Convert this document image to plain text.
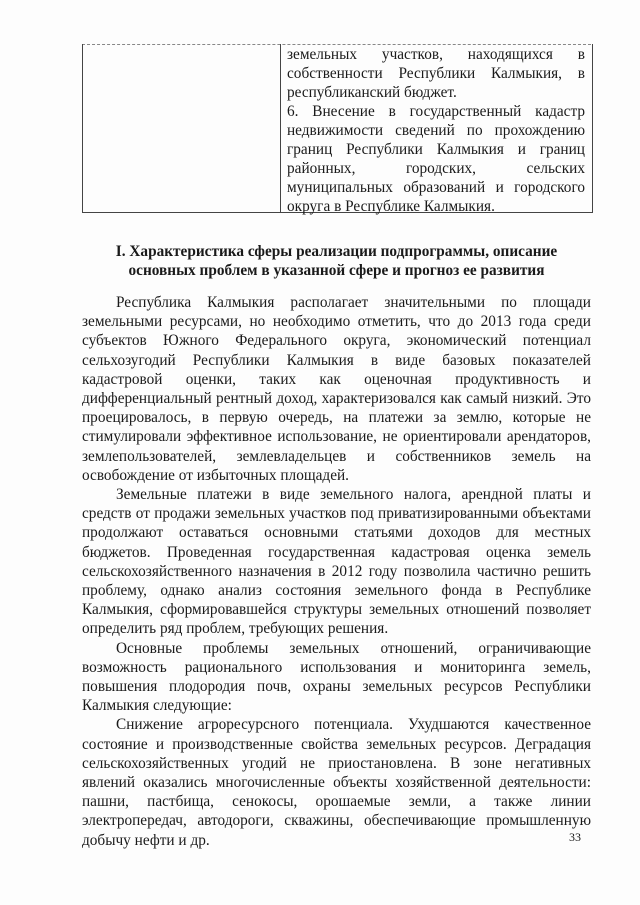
земельных участков, находящихся в собственности Республики Калмыкия, в республиканский бюджет.

6. Внесение в государственный кадастр недвижимости сведений по прохождению границ Республики Калмыкия и границ районных, городских, сельских муниципальных образований и городского округа в Республике Калмыкия.

I. Характеристика сферы реализации подпрограммы, описание основных проблем в указанной сфере и прогноз ее развития

Республика Калмыкия располагает значительными по площади земельными ресурсами, но необходимо отметить, что до 2013 года среди субъектов Южного Федерального округа, экономический потенциал сельхозугодий Республики Калмыкия в виде базовых показателей кадастровой оценки, таких как оценочная продуктивность и дифференциальный рентный доход, характеризовался как самый низкий. Это проецировалось, в первую очередь, на платежи за землю, которые не стимулировали эффективное использование, не ориентировали арендаторов, землепользователей, землевладельцев и собственников земель на освобождение от избыточных площадей.

Земельные платежи в виде земельного налога, арендной платы и средств от продажи земельных участков под приватизированными объектами продолжают оставаться основными статьями доходов для местных бюджетов. Проведенная государственная кадастровая оценка земель сельскохозяйственного назначения в 2012 году позволила частично решить проблему, однако анализ состояния земельного фонда в Республике Калмыкия, сформировавшейся структуры земельных отношений позволяет определить ряд проблем, требующих решения.

Основные проблемы земельных отношений, ограничивающие возможность рационального использования и мониторинга земель, повышения плодородия почв, охраны земельных ресурсов Республики Калмыкия следующие:

Снижение агроресурсного потенциала. Ухудшаются качественное состояние и производственные свойства земельных ресурсов. Деградация сельскохозяйственных угодий не приостановлена. В зоне негативных явлений оказались многочисленные объекты хозяйственной деятельности: пашни, пастбища, сенокосы, орошаемые земли, а также линии электропередач, автодороги, скважины, обеспечивающие промышленную добычу нефти и др.	33
